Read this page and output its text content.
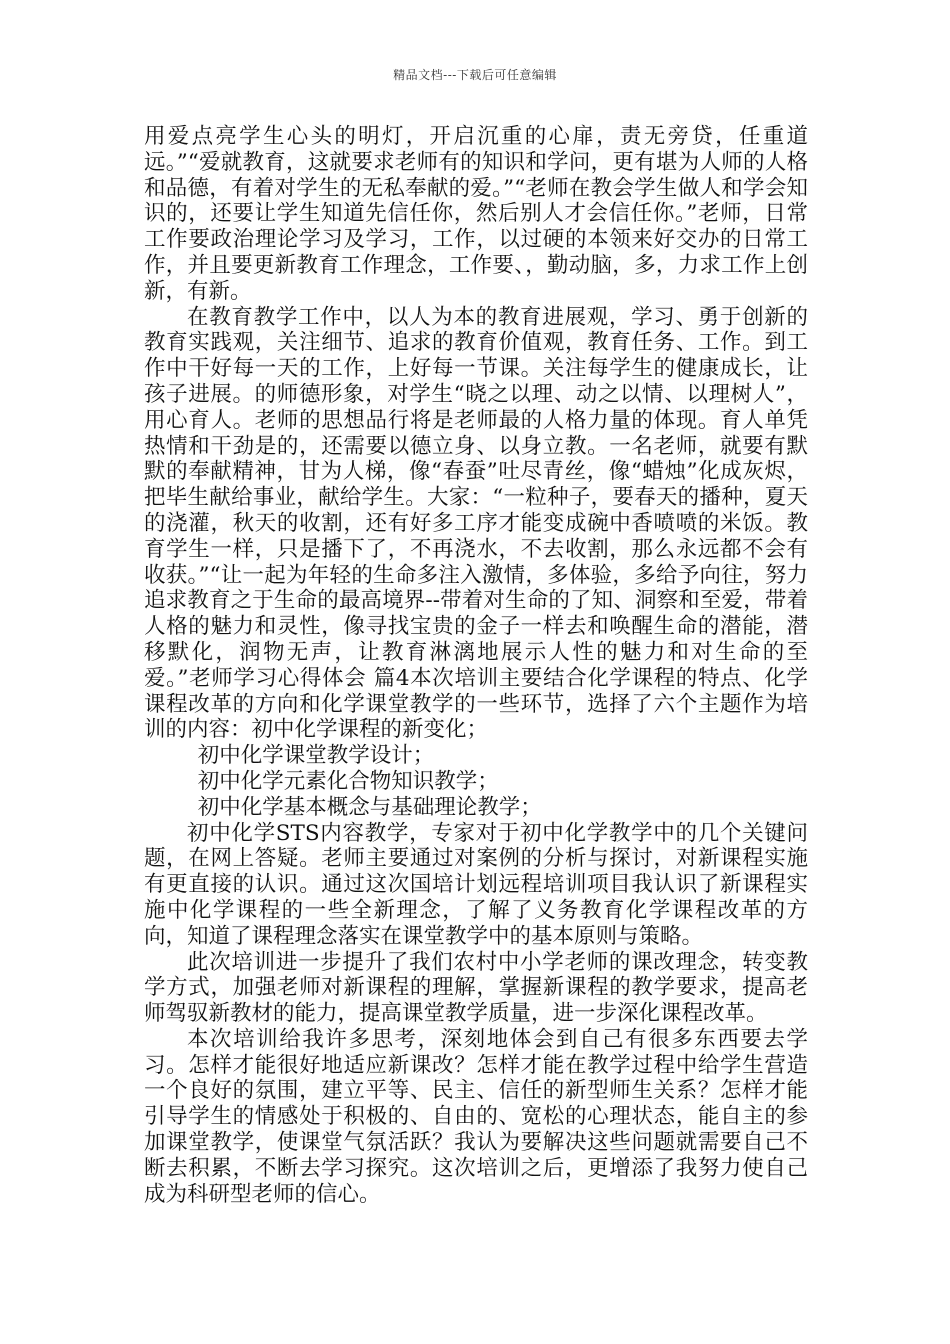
精品文档---下载后可任意编辑

用爱点亮学生心头的明灯，开启沉重的心扉，责无旁贷，任重道远。”“爱就教育，这就要求老师有的知识和学问，更有堪为人师的人格和品德，有着对学生的无私奉献的爱。”“老师在教会学生做人和学会知识的，还要让学生知道先信任你，然后别人才会信任你。”老师，日常工作要政治理论学习及学习，工作，以过硬的本领来好交办的日常工作，并且要更新教育工作理念，工作要、，勤动脑，多，力求工作上创新，有新。

在教育教学工作中，以人为本的教育进展观，学习、勇于创新的教育实践观，关注细节、追求的教育价值观，教育任务、工作。到工作中干好每一天的工作，上好每一节课。关注每学生的健康成长，让孩子进展。的师德形象，对学生“晓之以理、动之以情、以理树人”，用心育人。老师的思想品行将是老师最的人格力量的体现。育人单凭热情和干劲是的，还需要以德立身、以身立教。一名老师，就要有默默的奉献精神，甘为人梯，像“春蚕”吐尽青丝，像“蜡烛”化成灰烬，把毕生献给事业，献给学生。大家：“一粒种子，要春天的播种，夏天的浇灌，秋天的收割，还有好多工序才能变成碗中香喷喷的米饭。教育学生一样，只是播下了，不再浇水，不去收割，那么永远都不会有收获。”“让一起为年轻的生命多注入激情，多体验，多给予向往，努力追求教育之于生命的最高境界--带着对生命的了知、洞察和至爱，带着人格的魅力和灵性，像寻找宝贵的金子一样去和唤醒生命的潜能，潜移默化，润物无声，让教育淋漓地展示人性的魅力和对生命的至爱。”老师学习心得体会 篇4本次培训主要结合化学课程的特点、化学课程改革的方向和化学课堂教学的一些环节，选择了六个主题作为培训的内容：初中化学课程的新变化；

初中化学课堂教学设计；

初中化学元素化合物知识教学；

初中化学基本概念与基础理论教学；

初中化学STS内容教学，专家对于初中化学教学中的几个关键问题，在网上答疑。老师主要通过对案例的分析与探讨，对新课程实施有更直接的认识。通过这次国培计划远程培训项目我认识了新课程实施中化学课程的一些全新理念，了解了义务教育化学课程改革的方向，知道了课程理念落实在课堂教学中的基本原则与策略。

此次培训进一步提升了我们农村中小学老师的课改理念，转变教学方式，加强老师对新课程的理解，掌握新课程的教学要求，提高老师驾驭新教材的能力，提高课堂教学质量，进一步深化课程改革。

本次培训给我许多思考，深刻地体会到自己有很多东西要去学习。怎样才能很好地适应新课改？怎样才能在教学过程中给学生营造一个良好的氛围，建立平等、民主、信任的新型师生关系？怎样才能引导学生的情感处于积极的、自由的、宽松的心理状态，能自主的参加课堂教学，使课堂气氛活跃？我认为要解决这些问题就需要自己不断去积累，不断去学习探究。这次培训之后，更增添了我努力使自己成为科研型老师的信心。
